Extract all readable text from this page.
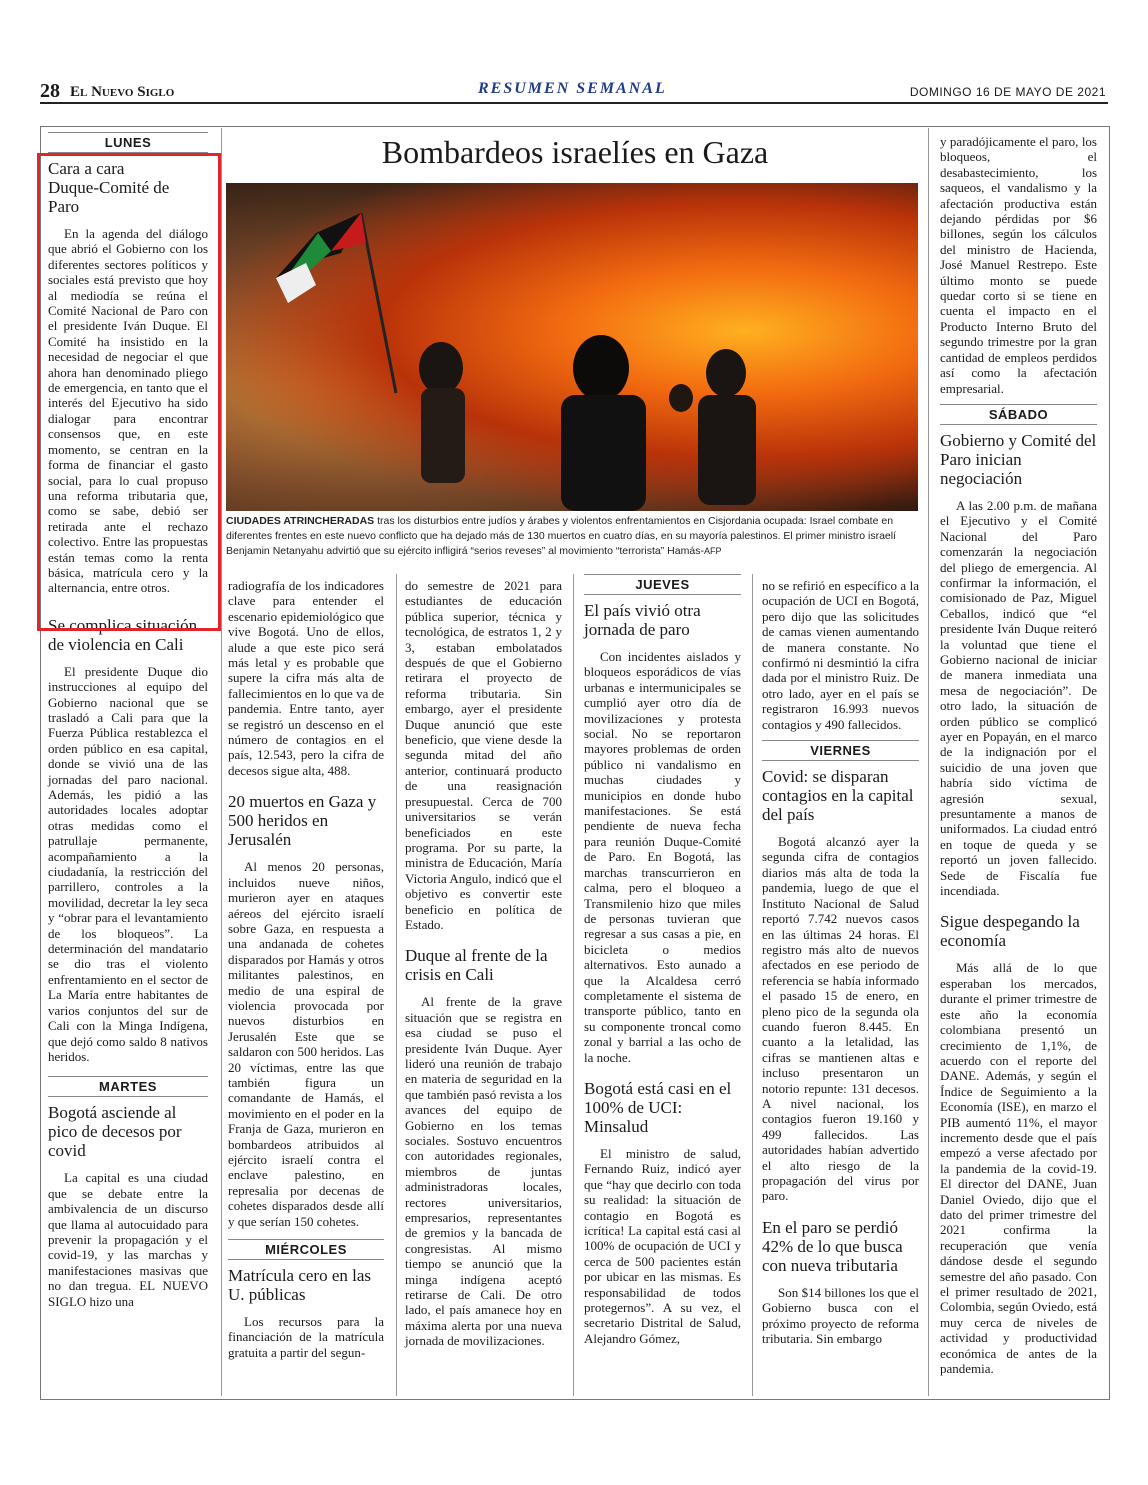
28 El Nuevo Siglo	RESUMEN SEMANAL	DOMINGO 16 DE MAYO DE 2021
Bombardeos israelíes en Gaza
CIUDADES ATRINCHERADAS tras los disturbios entre judíos y árabes y violentos enfrentamientos en Cisjordania ocupada: Israel combate en diferentes frentes en este nuevo conflicto que ha dejado más de 130 muertos en cuatro días, en su mayoría palestinos. El primer ministro israelí Benjamin Netanyahu advirtió que su ejército infligirá “serios reveses” al movimiento “terrorista” Hamás-AFP
LUNES
Cara a cara Duque-Comité de Paro

En la agenda del diálogo que abrió el Gobierno con los diferentes sectores políticos y sociales está previsto que hoy al mediodía se reúna el Comité Nacional de Paro con el presidente Iván Duque. El Comité ha insistido en la necesidad de negociar el que ahora han denominado pliego de emergencia, en tanto que el interés del Ejecutivo ha sido dialogar para encontrar consensos que, en este momento, se centran en la forma de financiar el gasto social, para lo cual propuso una reforma tributaria que, como se sabe, debió ser retirada ante el rechazo colectivo. Entre las propuestas están temas como la renta básica, matrícula cero y la alternancia, entre otros.

Se complica situación de violencia en Cali

El presidente Duque dio instrucciones al equipo del Gobierno nacional que se trasladó a Cali para que la Fuerza Pública restablezca el orden público en esa capital, donde se vivió una de las jornadas del paro nacional. Además, les pidió a las autoridades locales adoptar otras medidas como el patrullaje permanente, acompañamiento a la ciudadanía, la restricción del parrillero, controles a la movilidad, decretar la ley seca y “obrar para el levantamiento de los bloqueos”. La determinación del mandatario se dio tras el violento enfrentamiento en el sector de La María entre habitantes de varios conjuntos del sur de Cali con la Minga Indígena, que dejó como saldo 8 nativos heridos.

MARTES
Bogotá asciende al pico de decesos por covid

La capital es una ciudad que se debate entre la ambivalencia de un discurso que llama al autocuidado para prevenir la propagación y el covid-19, y las marchas y manifestaciones masivas que no dan tregua. EL NUEVO SIGLO hizo una

radiografía de los indicadores clave para entender el escenario epidemiológico que vive Bogotá. Uno de ellos, alude a que este pico será más letal y es probable que supere la cifra más alta de fallecimientos en lo que va de pandemia. Entre tanto, ayer se registró un descenso en el número de contagios en el país, 12.543, pero la cifra de decesos sigue alta, 488.

20 muertos en Gaza y 500 heridos en Jerusalén

Al menos 20 personas, incluidos nueve niños, murieron ayer en ataques aéreos del ejército israelí sobre Gaza, en respuesta a una andanada de cohetes disparados por Hamás y otros militantes palestinos, en medio de una espiral de violencia provocada por nuevos disturbios en Jerusalén Este que se saldaron con 500 heridos. Las 20 víctimas, entre las que también figura un comandante de Hamás, el movimiento en el poder en la Franja de Gaza, murieron en bombardeos atribuidos al ejército israelí contra el enclave palestino, en represalia por decenas de cohetes disparados desde allí y que serían 150 cohetes.

MIÉRCOLES
Matrícula cero en las U. públicas

Los recursos para la financiación de la matrícula gratuita a partir del segun-

do semestre de 2021 para estudiantes de educación pública superior, técnica y tecnológica, de estratos 1, 2 y 3, estaban embolatados después de que el Gobierno retirara el proyecto de reforma tributaria. Sin embargo, ayer el presidente Duque anunció que este beneficio, que viene desde la segunda mitad del año anterior, continuará producto de una reasignación presupuestal. Cerca de 700 universitarios se verán beneficiados en este programa. Por su parte, la ministra de Educación, María Victoria Angulo, indicó que el objetivo es convertir este beneficio en política de Estado.

Duque al frente de la crisis en Cali

Al frente de la grave situación que se registra en esa ciudad se puso el presidente Iván Duque. Ayer lideró una reunión de trabajo en materia de seguridad en la que también pasó revista a los avances del equipo de Gobierno en los temas sociales. Sostuvo encuentros con autoridades regionales, miembros de juntas administradoras locales, rectores universitarios, empresarios, representantes de gremios y la bancada de congresistas. Al mismo tiempo se anunció que la minga indígena aceptó retirarse de Cali. De otro lado, el país amanece hoy en máxima alerta por una nueva jornada de movilizaciones.

JUEVES
El país vivió otra jornada de paro

Con incidentes aislados y bloqueos esporádicos de vías urbanas e intermunicipales se cumplió ayer otro día de movilizaciones y protesta social. No se reportaron mayores problemas de orden público ni vandalismo en muchas ciudades y municipios en donde hubo manifestaciones. Se está pendiente de nueva fecha para reunión Duque-Comité de Paro. En Bogotá, las marchas transcurrieron en calma, pero el bloqueo a Transmilenio hizo que miles de personas tuvieran que regresar a sus casas a pie, en bicicleta o medios alternativos. Esto aunado a que la Alcaldesa cerró completamente el sistema de transporte público, tanto en su componente troncal como zonal y barrial a las ocho de la noche.

Bogotá está casi en el 100% de UCI: Minsalud

El ministro de salud, Fernando Ruiz, indicó ayer que “hay que decirlo con toda su realidad: la situación de contagio en Bogotá es icrítica! La capital está casi al 100% de ocupación de UCI y cerca de 500 pacientes están por ubicar en las mismas. Es responsabilidad de todos protegernos”. A su vez, el secretario Distrital de Salud, Alejandro Gómez,

no se refirió en específico a la ocupación de UCI en Bogotá, pero dijo que las solicitudes de camas vienen aumentando de manera constante. No confirmó ni desmintió la cifra dada por el ministro Ruiz. De otro lado, ayer en el país se registraron 16.993 nuevos contagios y 490 fallecidos.

VIERNES
Covid: se disparan contagios en la capital del país

Bogotá alcanzó ayer la segunda cifra de contagios diarios más alta de toda la pandemia, luego de que el Instituto Nacional de Salud reportó 7.742 nuevos casos en las últimas 24 horas. El registro más alto de nuevos afectados en ese periodo de referencia se había informado el pasado 15 de enero, en pleno pico de la segunda ola cuando fueron 8.445. En cuanto a la letalidad, las cifras se mantienen altas e incluso presentaron un notorio repunte: 131 decesos. A nivel nacional, los contagios fueron 19.160 y 499 fallecidos. Las autoridades habían advertido el alto riesgo de la propagación del virus por paro.

En el paro se perdió 42% de lo que busca con nueva tributaria

Son $14 billones los que el Gobierno busca con el próximo proyecto de reforma tributaria. Sin embargo

y paradójicamente el paro, los bloqueos, el desabastecimiento, los saqueos, el vandalismo y la afectación productiva están dejando pérdidas por $6 billones, según los cálculos del ministro de Hacienda, José Manuel Restrepo. Este último monto se puede quedar corto si se tiene en cuenta el impacto en el Producto Interno Bruto del segundo trimestre por la gran cantidad de empleos perdidos así como la afectación empresarial.

SÁBADO
Gobierno y Comité del Paro inician negociación

A las 2.00 p.m. de mañana el Ejecutivo y el Comité Nacional del Paro comenzarán la negociación del pliego de emergencia. Al confirmar la información, el comisionado de Paz, Miguel Ceballos, indicó que “el presidente Iván Duque reiteró la voluntad que tiene el Gobierno nacional de iniciar de manera inmediata una mesa de negociación”. De otro lado, la situación de orden público se complicó ayer en Popayán, en el marco de la indignación por el suicidio de una joven que habría sido víctima de agresión sexual, presuntamente a manos de uniformados. La ciudad entró en toque de queda y se reportó un joven fallecido. Sede de Fiscalía fue incendiada.

Sigue despegando la economía

Más allá de lo que esperaban los mercados, durante el primer trimestre de este año la economía colombiana presentó un crecimiento de 1,1%, de acuerdo con el reporte del DANE. Además, y según el Índice de Seguimiento a la Economía (ISE), en marzo el PIB aumentó 11%, el mayor incremento desde que el país empezó a verse afectado por la pandemia de la covid-19. El director del DANE, Juan Daniel Oviedo, dijo que el dato del primer trimestre del 2021 confirma la recuperación que venía dándose desde el segundo semestre del año pasado. Con el primer resultado de 2021, Colombia, según Oviedo, está muy cerca de niveles de actividad y productividad económica de antes de la pandemia.
